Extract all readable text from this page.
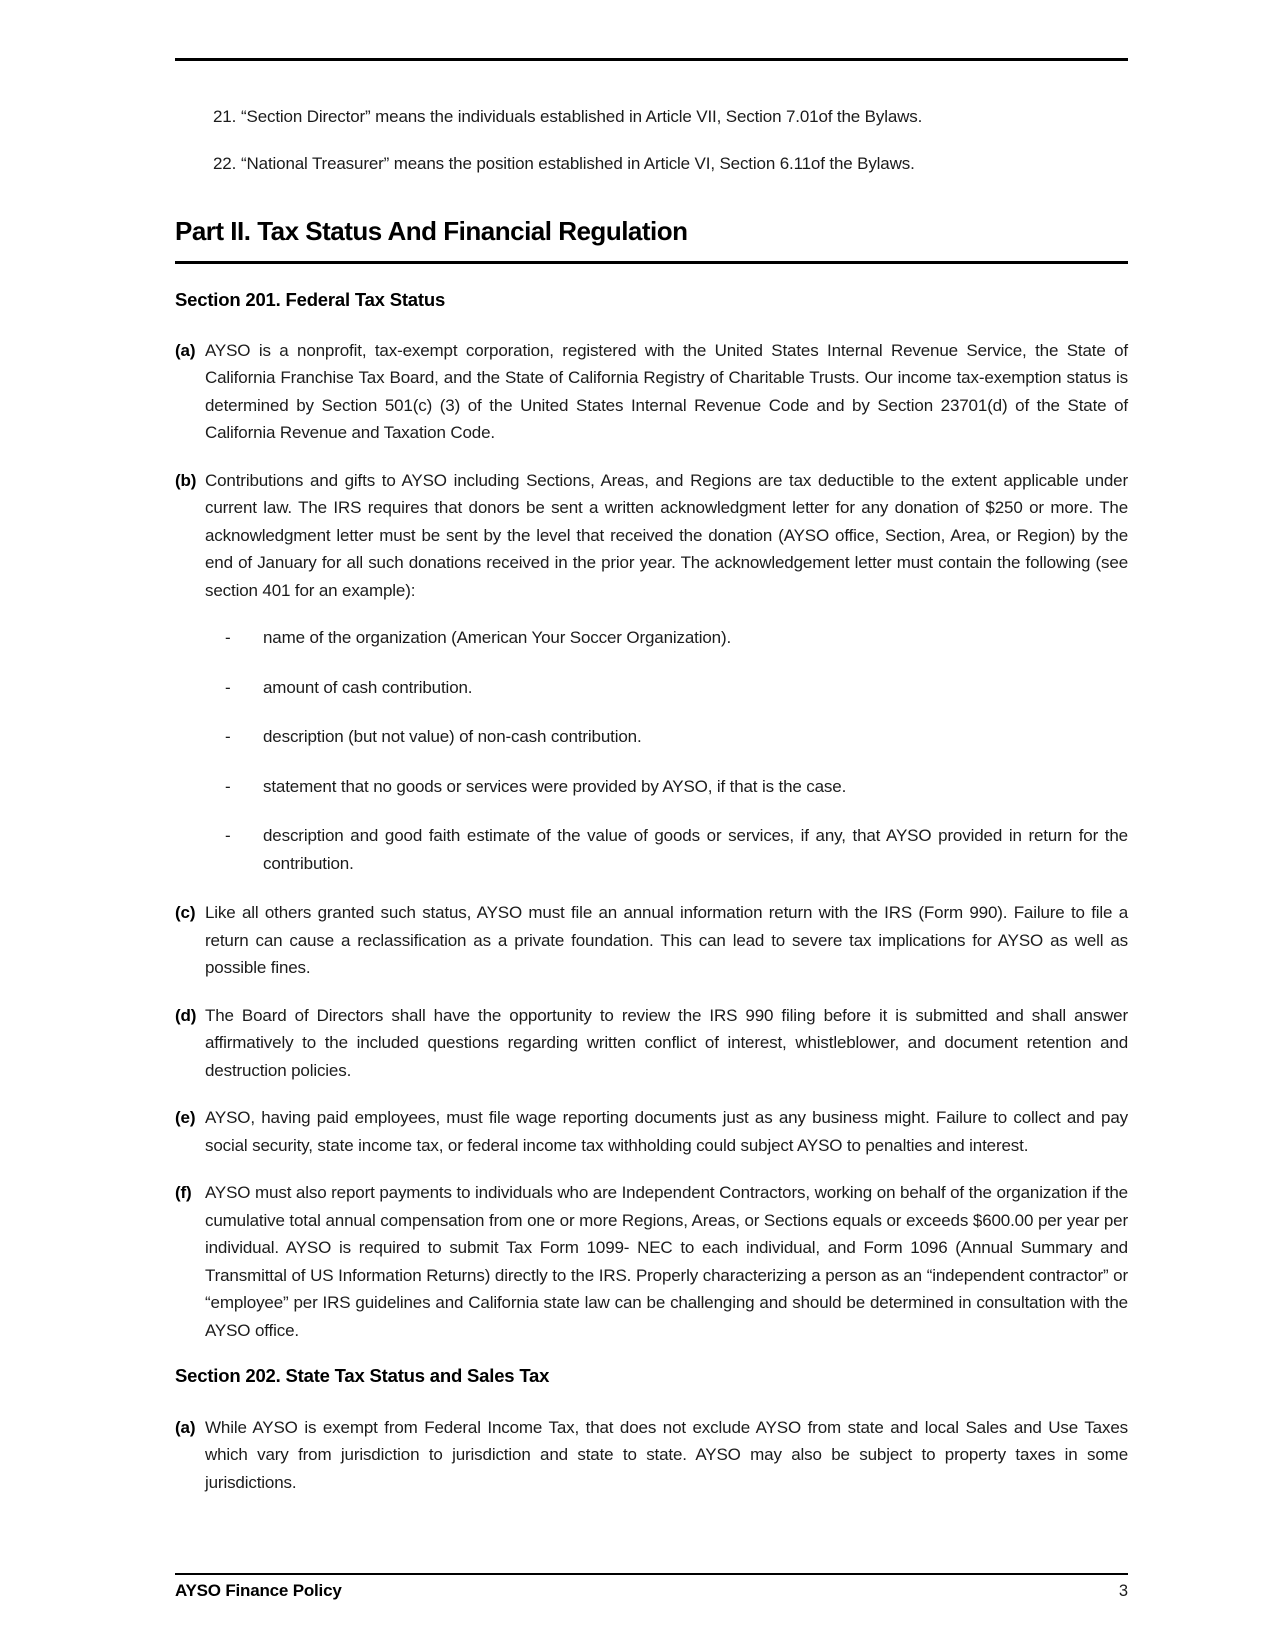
21. “Section Director” means the individuals established in Article VII, Section 7.01of the Bylaws.
22. “National Treasurer” means the position established in Article VI, Section 6.11of the Bylaws.
Part II. Tax Status And Financial Regulation
Section 201. Federal Tax Status
(a) AYSO is a nonprofit, tax-exempt corporation, registered with the United States Internal Revenue Service, the State of California Franchise Tax Board, and the State of California Registry of Charitable Trusts. Our income tax-exemption status is determined by Section 501(c) (3) of the United States Internal Revenue Code and by Section 23701(d) of the State of California Revenue and Taxation Code.
(b) Contributions and gifts to AYSO including Sections, Areas, and Regions are tax deductible to the extent applicable under current law. The IRS requires that donors be sent a written acknowledgment letter for any donation of $250 or more. The acknowledgment letter must be sent by the level that received the donation (AYSO office, Section, Area, or Region) by the end of January for all such donations received in the prior year. The acknowledgement letter must contain the following (see section 401 for an example):
-	name of the organization (American Your Soccer Organization).
-	amount of cash contribution.
-	description (but not value) of non-cash contribution.
-	statement that no goods or services were provided by AYSO, if that is the case.
-	description and good faith estimate of the value of goods or services, if any, that AYSO provided in return for the contribution.
(c) Like all others granted such status, AYSO must file an annual information return with the IRS (Form 990). Failure to file a return can cause a reclassification as a private foundation. This can lead to severe tax implications for AYSO as well as possible fines.
(d) The Board of Directors shall have the opportunity to review the IRS 990 filing before it is submitted and shall answer affirmatively to the included questions regarding written conflict of interest, whistleblower, and document retention and destruction policies.
(e) AYSO, having paid employees, must file wage reporting documents just as any business might. Failure to collect and pay social security, state income tax, or federal income tax withholding could subject AYSO to penalties and interest.
(f) AYSO must also report payments to individuals who are Independent Contractors, working on behalf of the organization if the cumulative total annual compensation from one or more Regions, Areas, or Sections equals or exceeds $600.00 per year per individual. AYSO is required to submit Tax Form 1099- NEC to each individual, and Form 1096 (Annual Summary and Transmittal of US Information Returns) directly to the IRS. Properly characterizing a person as an “independent contractor” or “employee” per IRS guidelines and California state law can be challenging and should be determined in consultation with the AYSO office.
Section 202. State Tax Status and Sales Tax
(a) While AYSO is exempt from Federal Income Tax, that does not exclude AYSO from state and local Sales and Use Taxes which vary from jurisdiction to jurisdiction and state to state. AYSO may also be subject to property taxes in some jurisdictions.
AYSO Finance Policy	3
